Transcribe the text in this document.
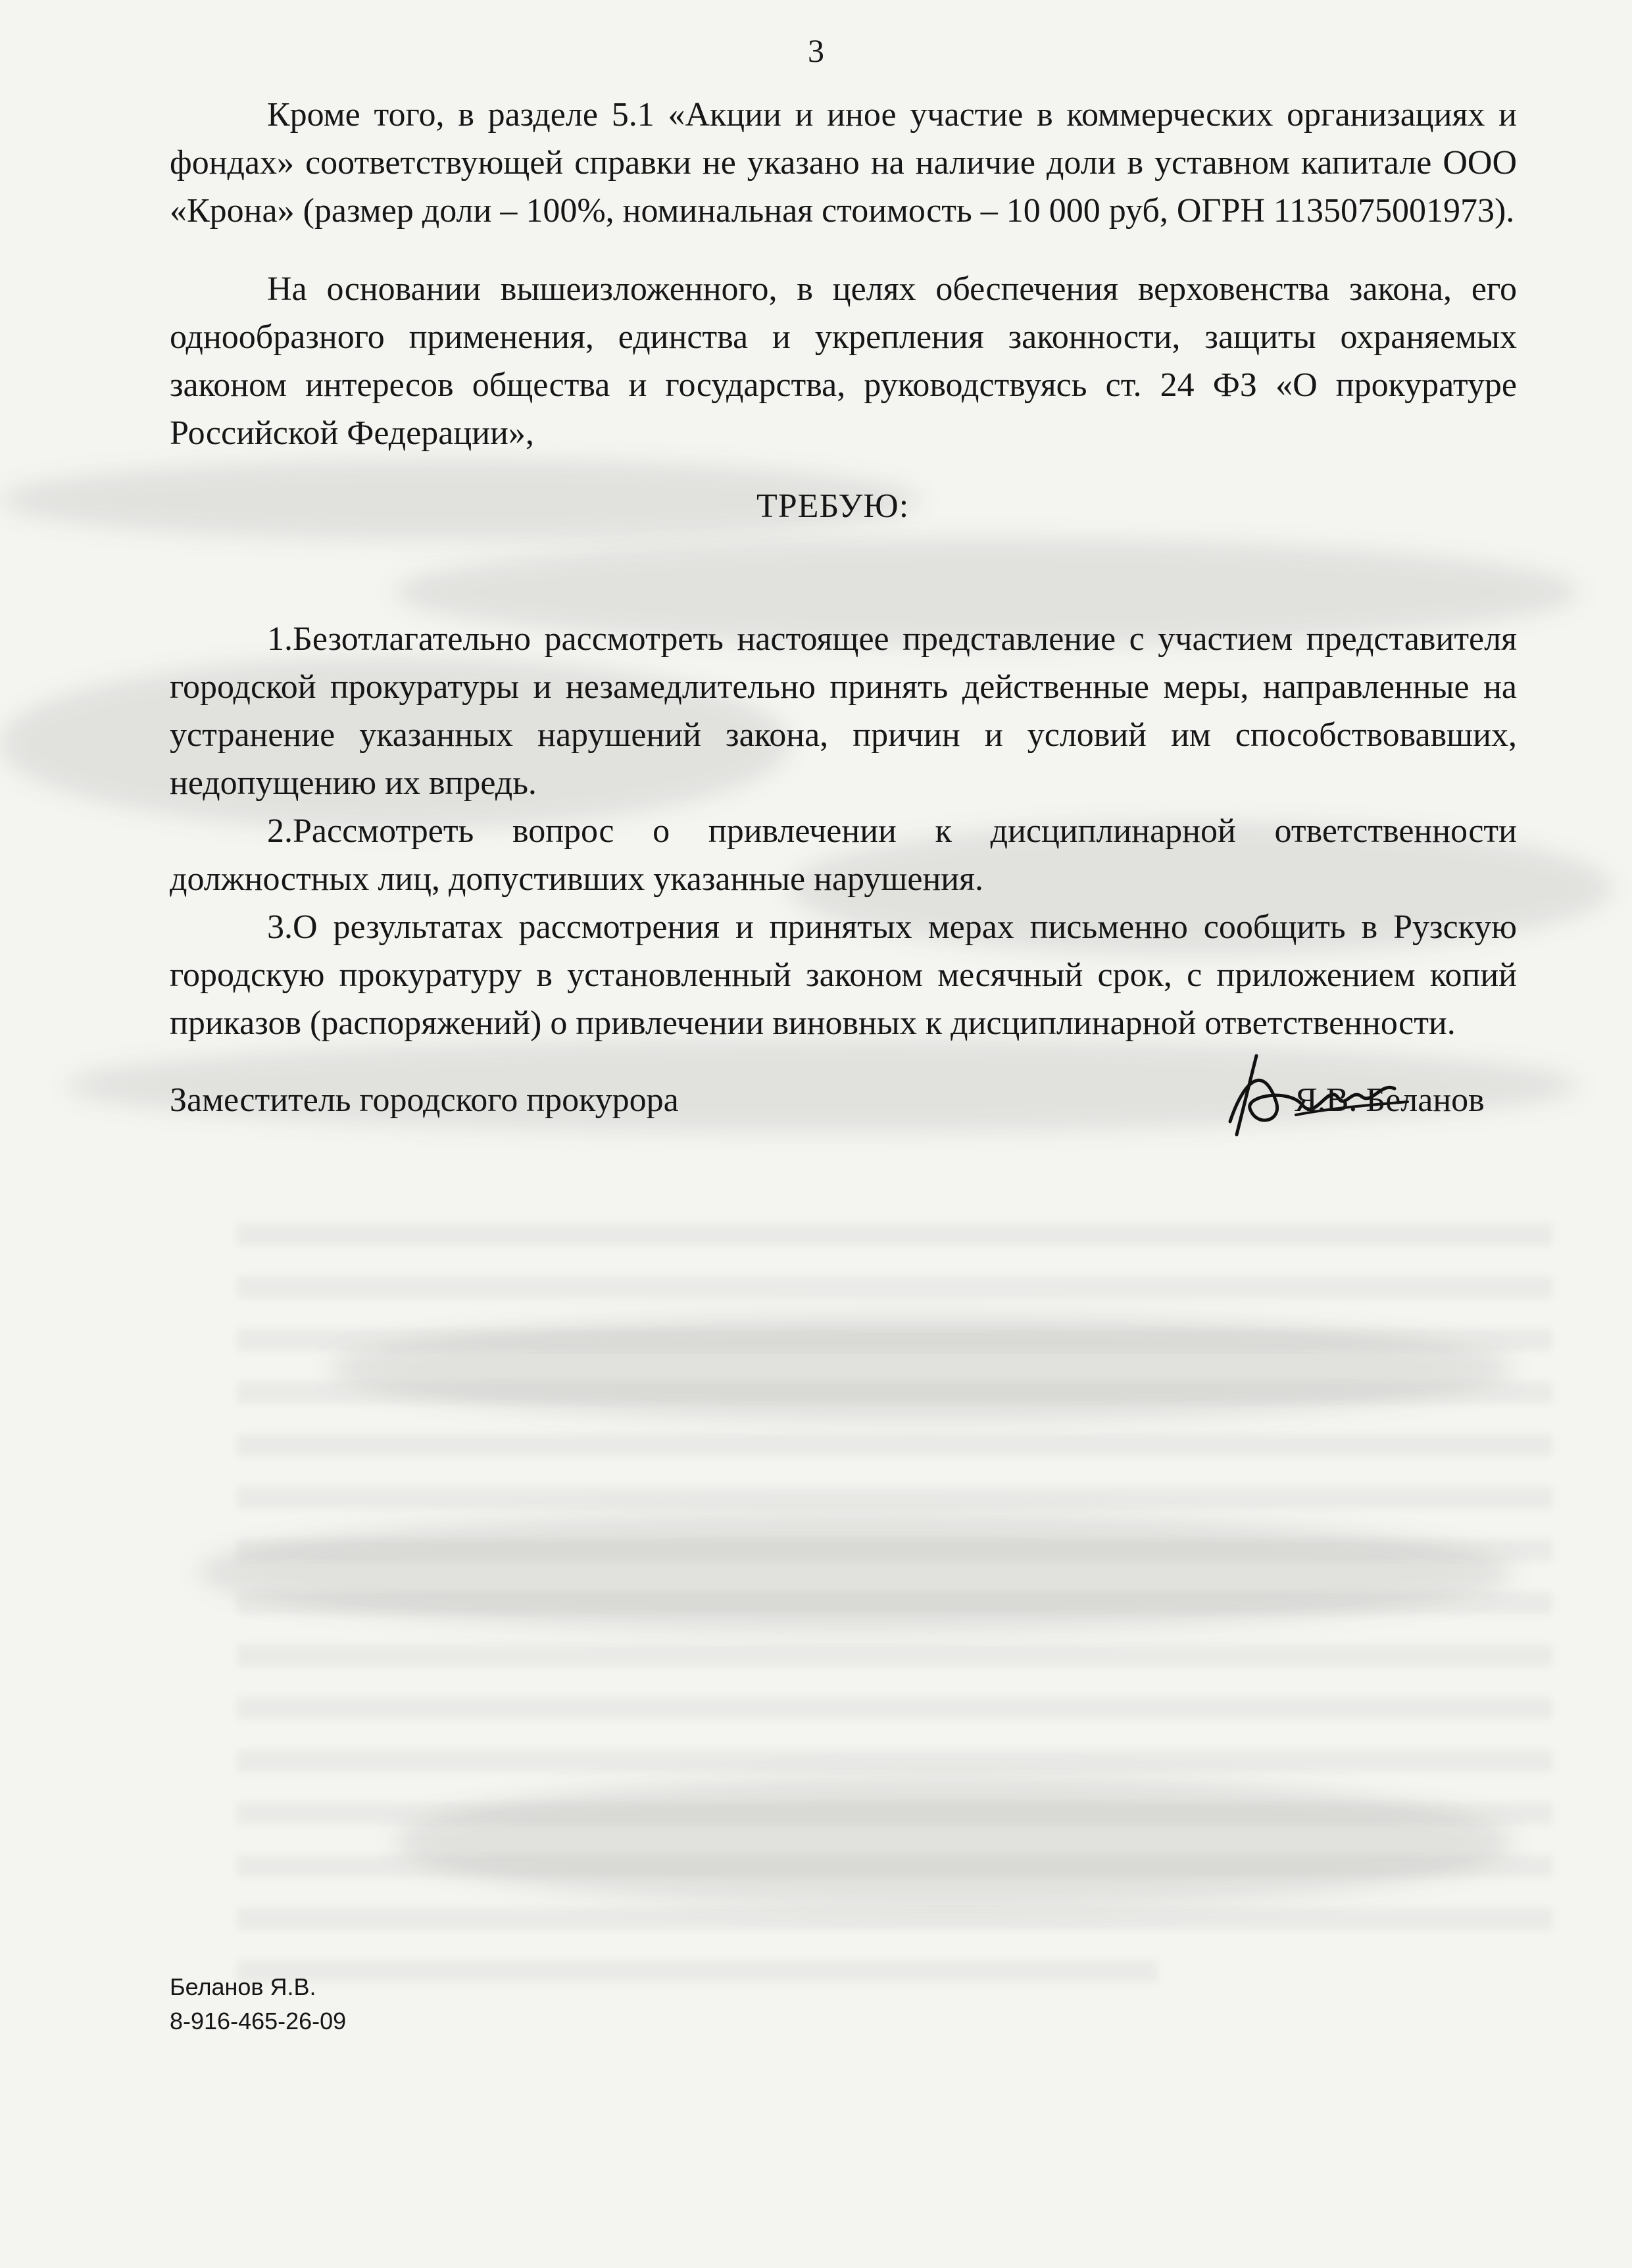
3

Кроме того, в разделе 5.1 «Акции и иное участие в коммерческих организациях и фондах» соответствующей справки не указано на наличие доли в уставном капитале ООО «Крона» (размер доли – 100%, номинальная стоимость – 10 000 руб, ОГРН 1135075001973).

На основании вышеизложенного, в целях обеспечения верховенства закона, его однообразного применения, единства и укрепления законности, защиты охраняемых законом интересов общества и государства, руководствуясь ст. 24 ФЗ «О прокуратуре Российской Федерации»,

ТРЕБУЮ:

1.Безотлагательно рассмотреть настоящее представление с участием представителя городской прокуратуры и незамедлительно принять действенные меры, направленные на устранение указанных нарушений закона, причин и условий им способствовавших, недопущению их впредь.

2.Рассмотреть вопрос о привлечении к дисциплинарной ответственности должностных лиц, допустивших указанные нарушения.

3.О результатах рассмотрения и принятых мерах письменно сообщить в Рузскую городскую прокуратуру в установленный законом месячный срок, с приложением копий приказов (распоряжений) о привлечении виновных к дисциплинарной ответственности.

Заместитель городского прокурора	Я.В. Беланов
Беланов Я.В.
8-916-465-26-09
